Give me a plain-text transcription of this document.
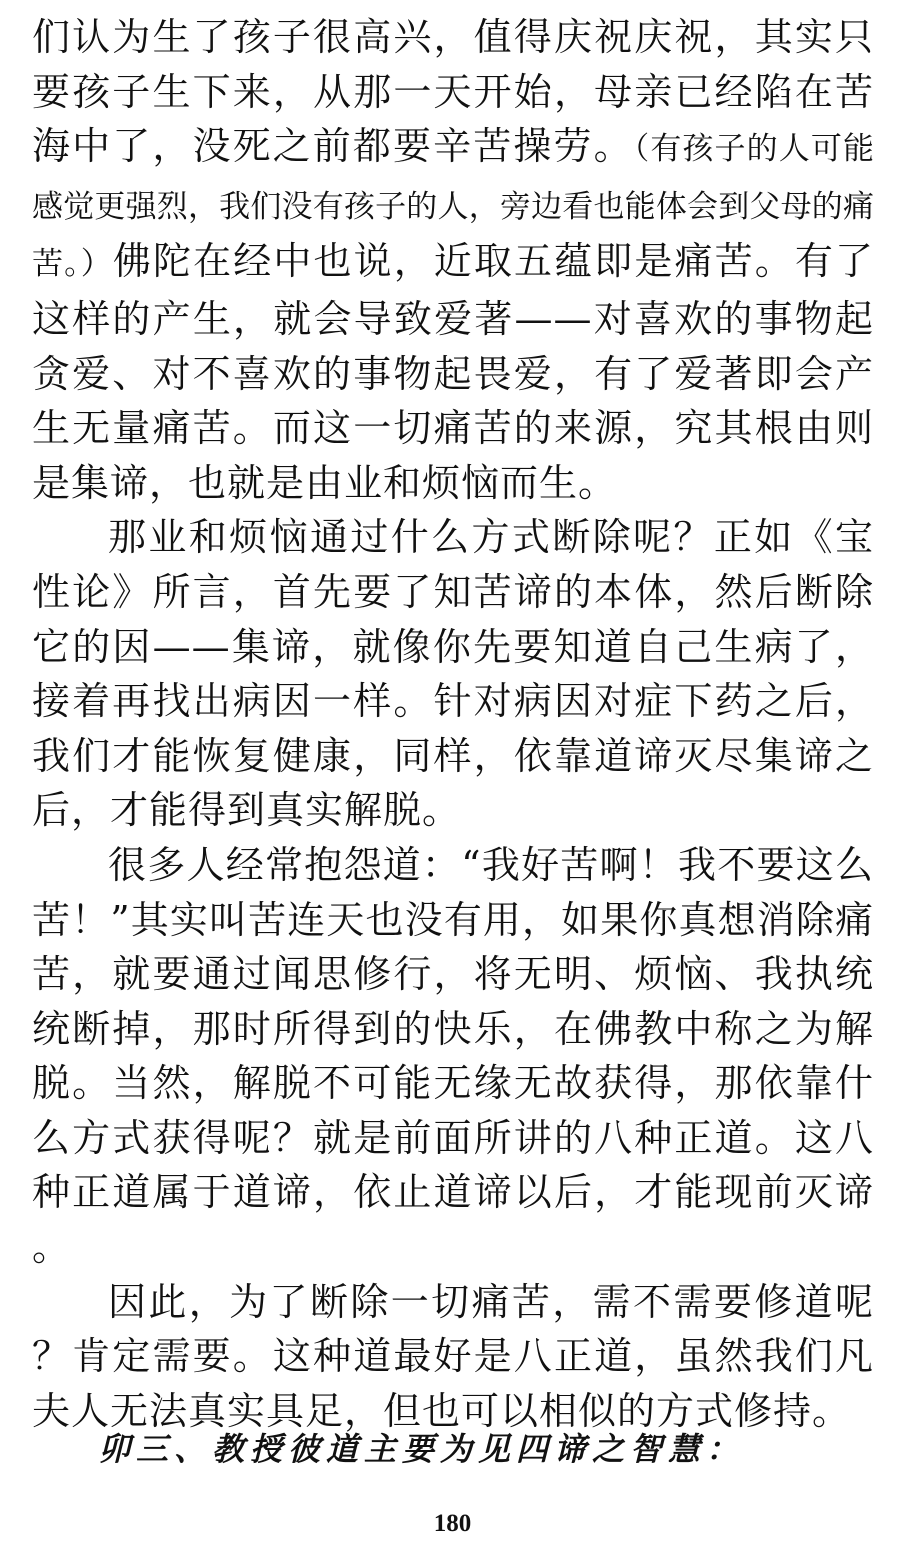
们认为生了孩子很高兴，值得庆祝庆祝，其实只要孩子生下来，从那一天开始，母亲已经陷在苦海中了，没死之前都要辛苦操劳。（有孩子的人可能感觉更强烈，我们没有孩子的人，旁边看也能体会到父母的痛苦。）佛陀在经中也说，近取五蕴即是痛苦。有了这样的产生，就会导致爱著——对喜欢的事物起贪爱、对不喜欢的事物起畏爱，有了爱著即会产生无量痛苦。而这一切痛苦的来源，究其根由则是集谛，也就是由业和烦恼而生。

那业和烦恼通过什么方式断除呢？正如《宝性论》所言，首先要了知苦谛的本体，然后断除它的因——集谛，就像你先要知道自己生病了，接着再找出病因一样。针对病因对症下药之后，我们才能恢复健康，同样，依靠道谛灭尽集谛之后，才能得到真实解脱。

很多人经常抱怨道：“我好苦啊！我不要这么苦！”其实叫苦连天也没有用，如果你真想消除痛苦，就要通过闻思修行，将无明、烦恼、我执统统断掉，那时所得到的快乐，在佛教中称之为解脱。当然，解脱不可能无缘无故获得，那依靠什么方式获得呢？就是前面所讲的八种正道。这八种正道属于道谛，依止道谛以后，才能现前灭谛。

因此，为了断除一切痛苦，需不需要修道呢？肯定需要。这种道最好是八正道，虽然我们凡夫人无法真实具足，但也可以相似的方式修持。

卯三、教授彼道主要为见四谛之智慧：
180
